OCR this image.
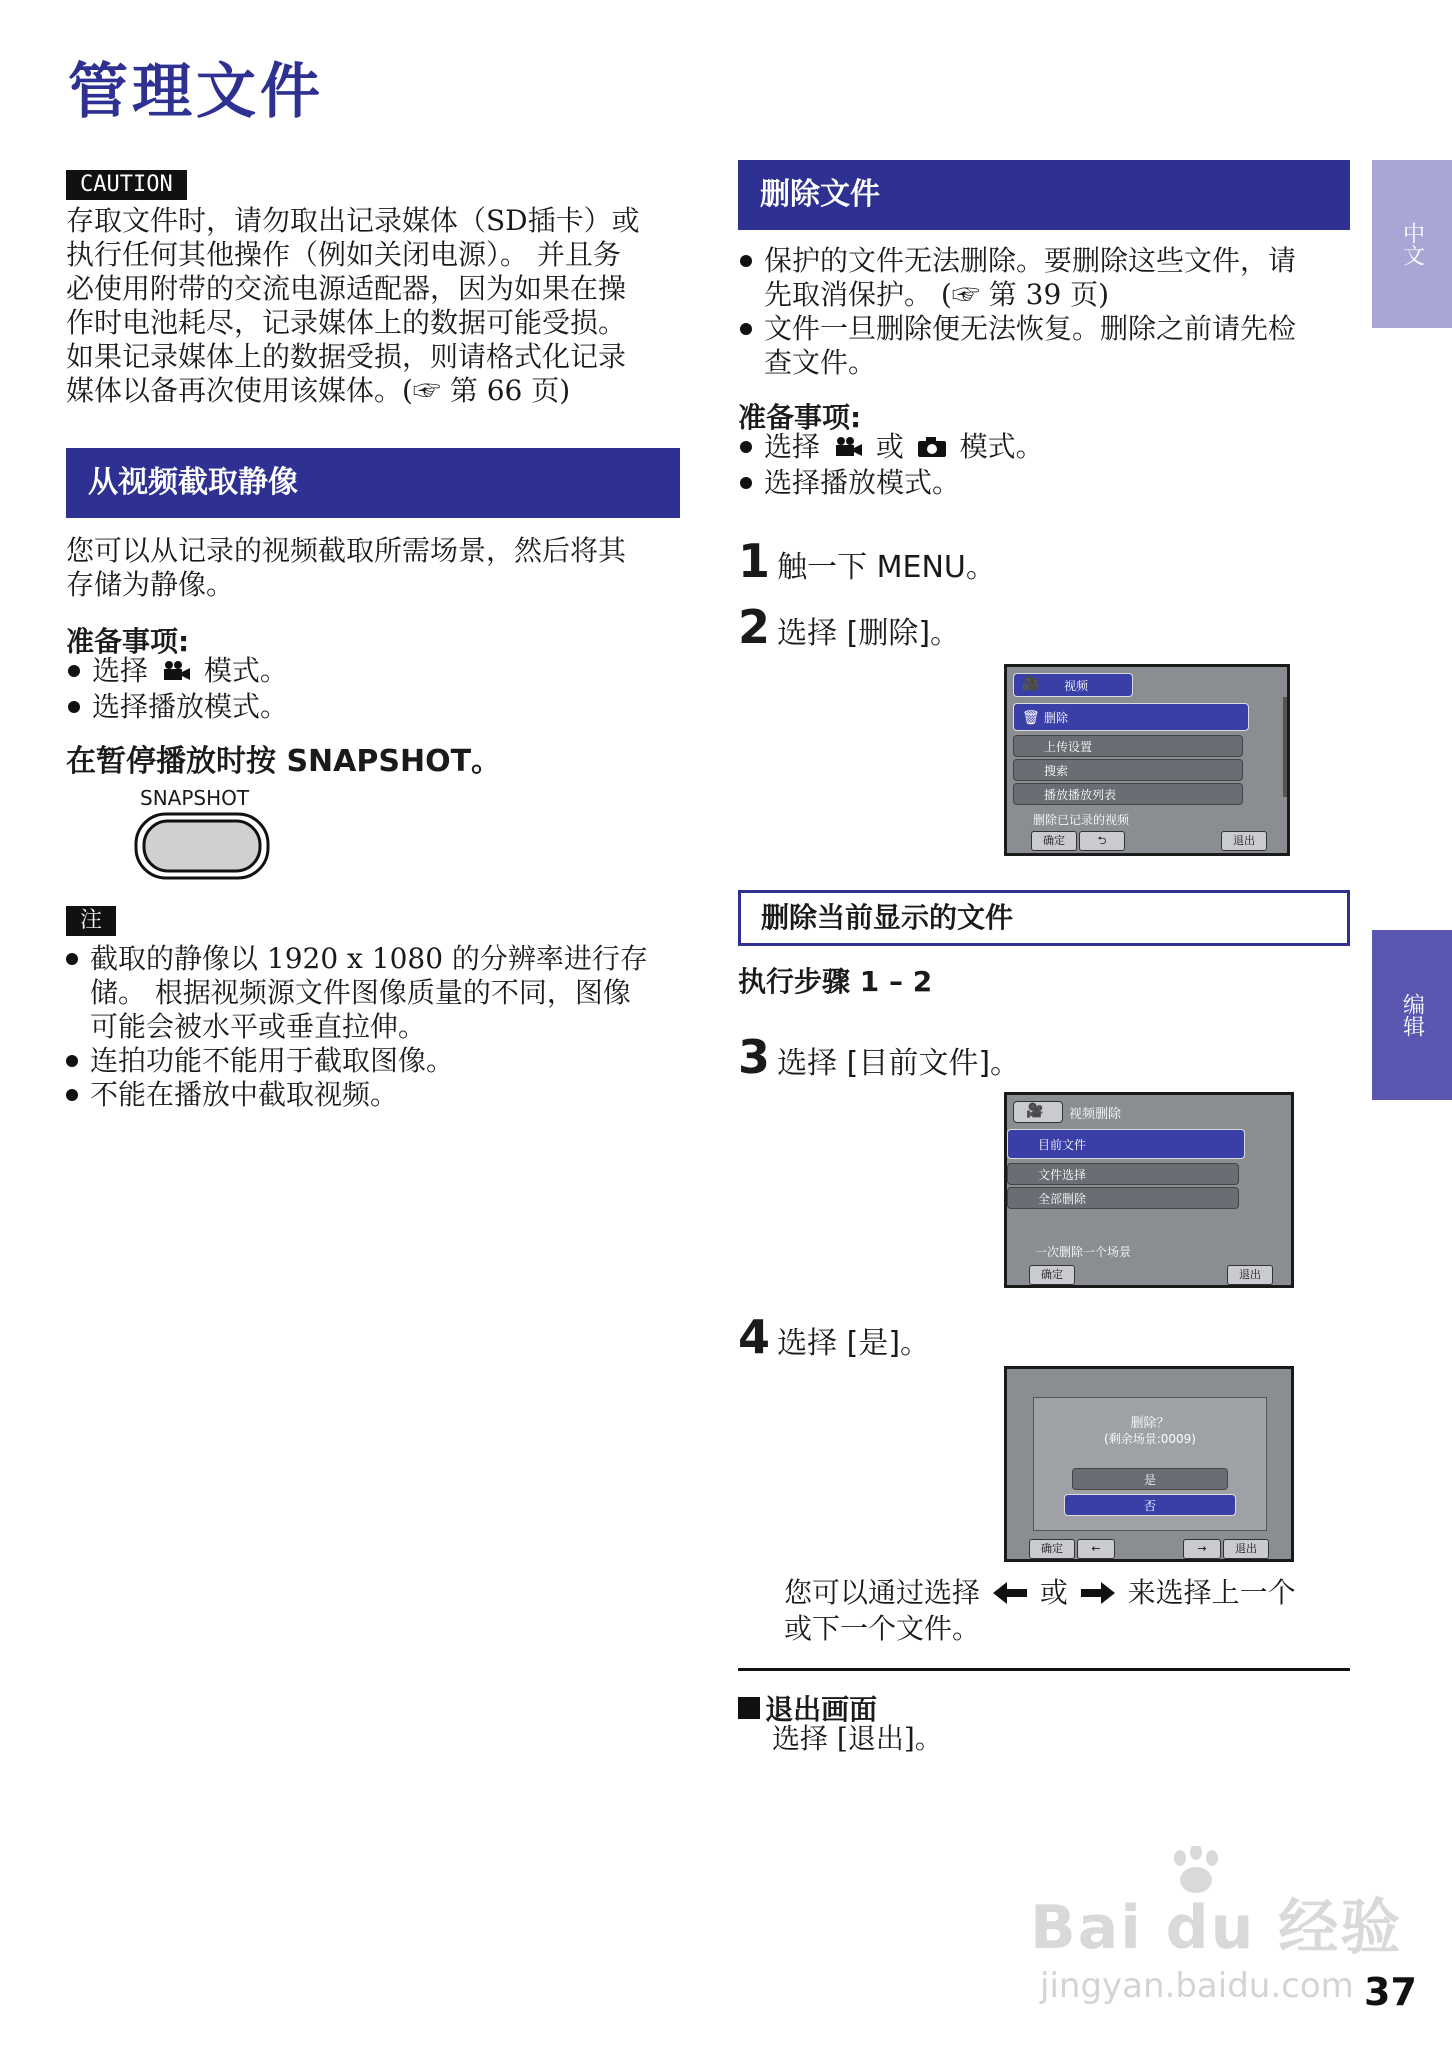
管理文件
CAUTION
存取文件时，请勿取出记录媒体（SD插卡）或
执行任何其他操作（例如关闭电源）。 并且务
必使用附带的交流电源适配器，因为如果在操
作时电池耗尽，记录媒体上的数据可能受损。
如果记录媒体上的数据受损，则请格式化记录
媒体以备再次使用该媒体。(☞ 第 66 页)
从视频截取静像
您可以从记录的视频截取所需场景，然后将其
存储为静像。
准备事项:
选择 模式。
选择播放模式。
在暂停播放时按 SNAPSHOT。
SNAPSHOT
注
截取的静像以 1920 x 1080 的分辨率进行存
储。 根据视频源文件图像质量的不同，图像
可能会被水平或垂直拉伸。
连拍功能不能用于截取图像。
不能在播放中截取视频。
删除文件
保护的文件无法删除。要删除这些文件，请
先取消保护。 (☞ 第 39 页)
文件一旦删除便无法恢复。删除之前请先检
查文件。
准备事项:
选择 或 模式。
选择播放模式。
1 触一下 MENU。
2 选择 [删除]。
🎥 视频
🗑 删除
上传设置
搜索
播放播放列表
删除已记录的视频
确定	⮌	退出
删除当前显示的文件
执行步骤 1 – 2
3 选择 [目前文件]。
🎥 视频删除
目前文件
文件选择
全部删除
一次删除一个场景
确定	退出
4 选择 [是]。
删除？
(剩余场景:0009)
是
否
确定	←	→	退出
您可以通过选择 或 来选择上一个
或下一个文件。
退出画面
选择 [退出]。
中文
编辑
Bai du 经验
jingyan.baidu.com 37
